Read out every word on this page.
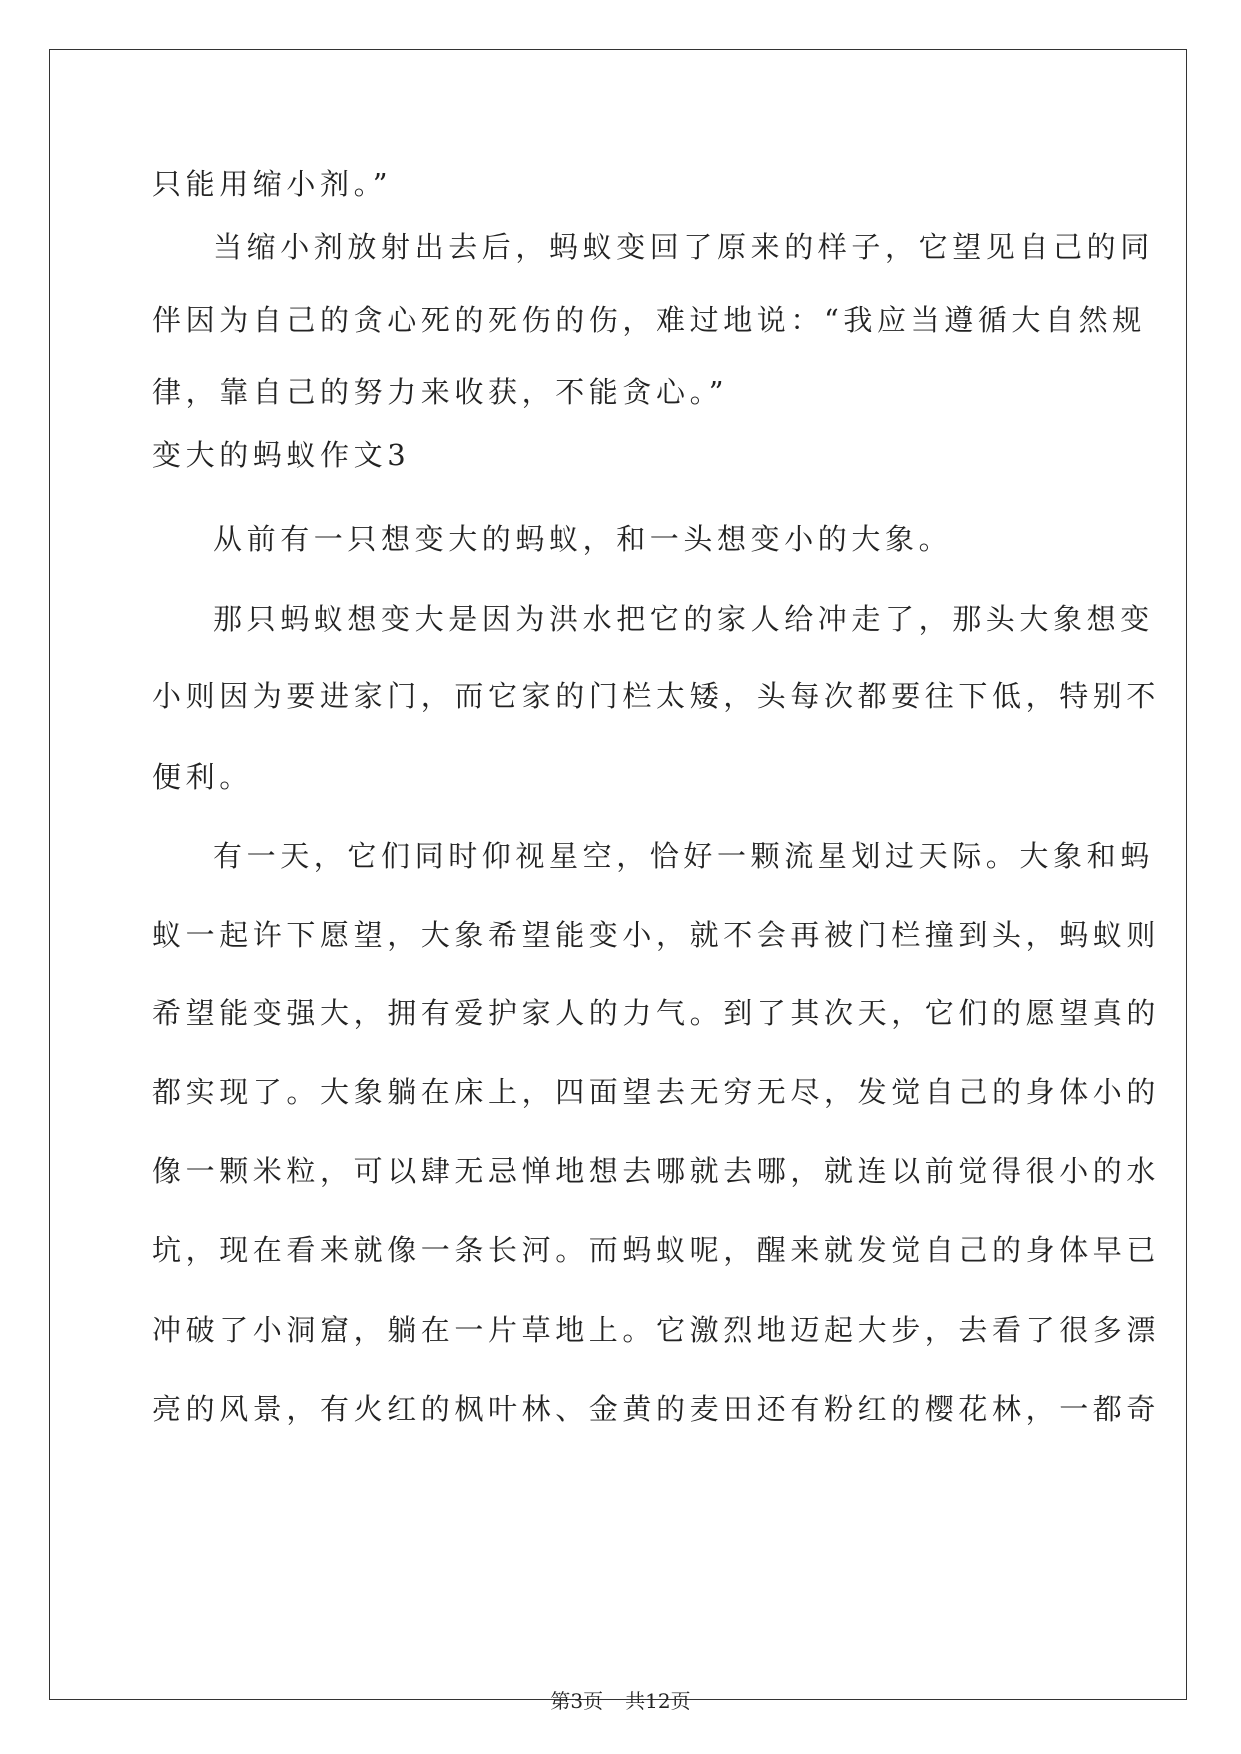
只能用缩小剂。”
当缩小剂放射出去后，蚂蚁变回了原来的样子，它望见自己的同
伴因为自己的贪心死的死伤的伤，难过地说：“我应当遵循大自然规
律，靠自己的努力来收获，不能贪心。”
变大的蚂蚁作文3
从前有一只想变大的蚂蚁，和一头想变小的大象。
那只蚂蚁想变大是因为洪水把它的家人给冲走了，那头大象想变
小则因为要进家门，而它家的门栏太矮，头每次都要往下低，特别不
便利。
有一天，它们同时仰视星空，恰好一颗流星划过天际。大象和蚂
蚁一起许下愿望，大象希望能变小，就不会再被门栏撞到头，蚂蚁则
希望能变强大，拥有爱护家人的力气。到了其次天，它们的愿望真的
都实现了。大象躺在床上，四面望去无穷无尽，发觉自己的身体小的
像一颗米粒，可以肆无忌惮地想去哪就去哪，就连以前觉得很小的水
坑，现在看来就像一条长河。而蚂蚁呢，醒来就发觉自己的身体早已
冲破了小洞窟，躺在一片草地上。它激烈地迈起大步，去看了很多漂
亮的风景，有火红的枫叶林、金黄的麦田还有粉红的樱花林，一都奇
第3页 共12页
